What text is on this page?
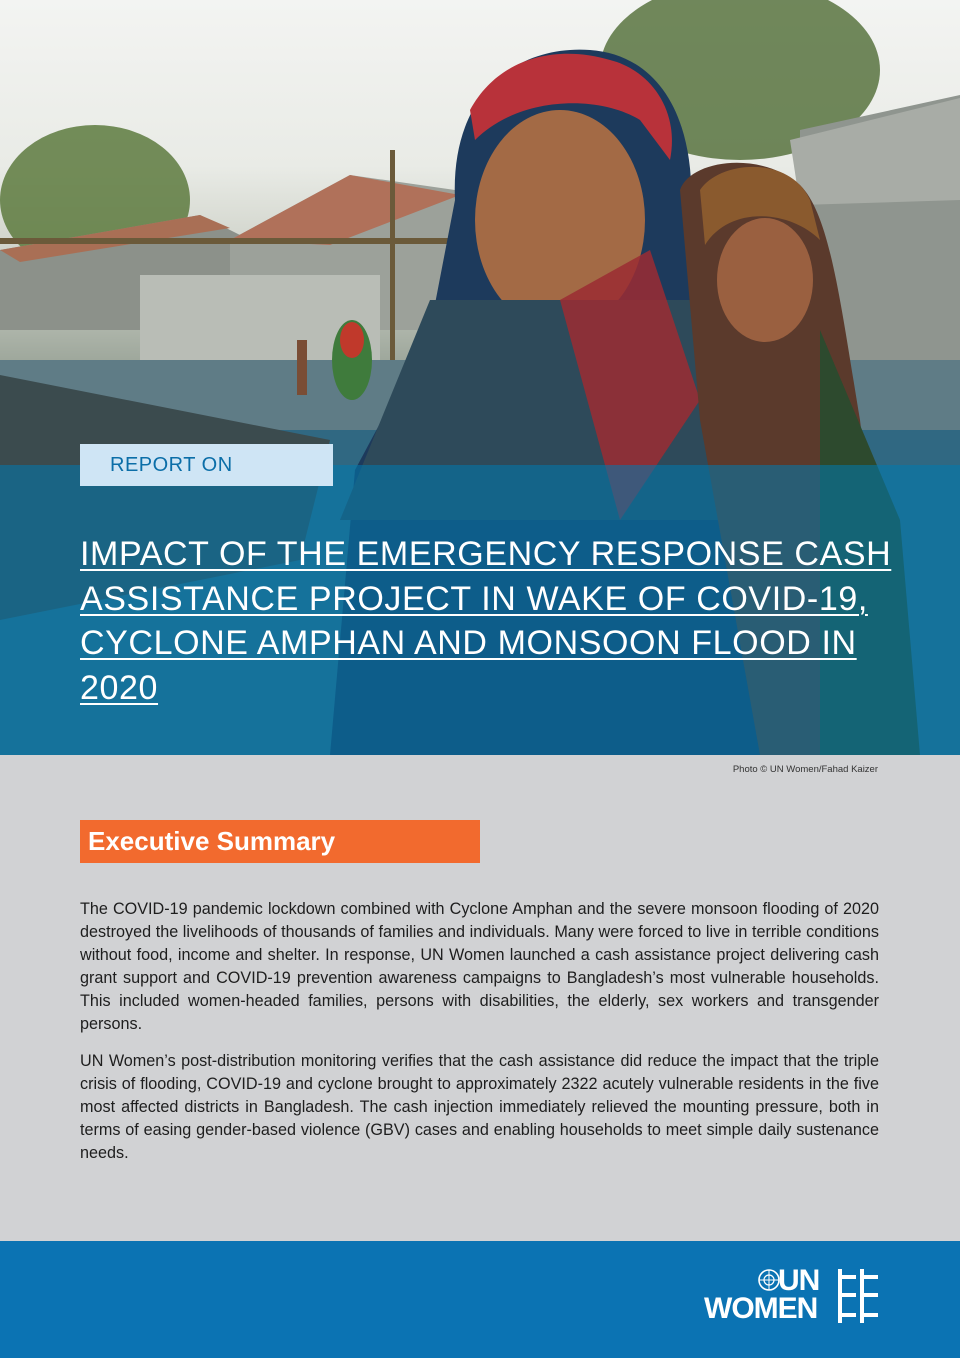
REPORT ON
IMPACT OF THE EMERGENCY RESPONSE CASH ASSISTANCE PROJECT IN WAKE OF COVID-19, CYCLONE AMPHAN AND MONSOON FLOOD IN 2020
Photo © UN Women/Fahad Kaizer
Executive Summary

The COVID-19 pandemic lockdown combined with Cyclone Amphan and the severe monsoon flooding of 2020 destroyed the livelihoods of thousands of families and individuals. Many were forced to live in terrible conditions without food, income and shelter. In response, UN Women launched a cash assistance project delivering cash grant support and COVID-19 prevention awareness campaigns to Bangladesh’s most vulnerable households. This included women-headed families, persons with disabilities, the elderly, sex workers and transgender persons.

UN Women’s post-distribution monitoring verifies that the cash assistance did reduce the impact that the triple crisis of flooding, COVID-19 and cyclone brought to approximately 2322 acutely vulnerable residents in the five most affected districts in Bangladesh. The cash injection immediately relieved the mounting pressure, both in terms of easing gender-based violence (GBV) cases and enabling households to meet simple daily sustenance needs.

UN
WOMEN
